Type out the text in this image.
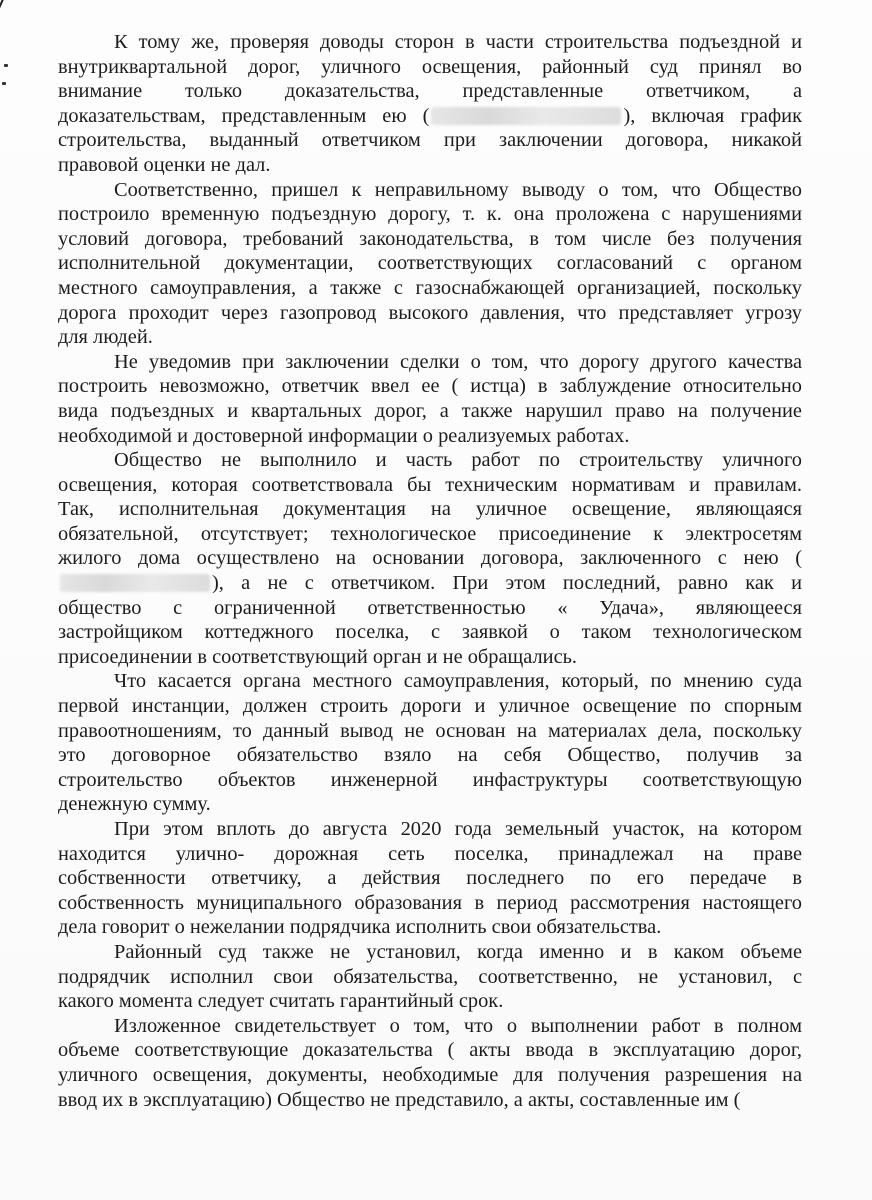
К тому же, проверяя доводы сторон в части строительства подъездной и
внутриквартальной дорог, уличного освещения, районный суд принял во
внимание только доказательства, представленные ответчиком, а
доказательствам, представленным ею (	), включая график
строительства, выданный ответчиком при заключении договора, никакой
правовой оценки не дал.
Соответственно, пришел к неправильному выводу о том, что Общество
построило временную подъездную дорогу, т. к. она проложена с нарушениями
условий договора, требований законодательства, в том числе без получения
исполнительной документации, соответствующих согласований с органом
местного самоуправления, а также с газоснабжающей организацией, поскольку
дорога проходит через газопровод высокого давления, что представляет угрозу
для людей.
Не уведомив при заключении сделки о том, что дорогу другого качества
построить невозможно, ответчик ввел ее ( истца) в заблуждение относительно
вида подъездных и квартальных дорог, а также нарушил право на получение
необходимой и достоверной информации о реализуемых работах.
Общество не выполнило и часть работ по строительству уличного
освещения, которая соответствовала бы техническим нормативам и правилам.
Так, исполнительная документация на уличное освещение, являющаяся
обязательной, отсутствует; технологическое присоединение к электросетям
жилого дома осуществлено на основании договора, заключенного с нею (
), а не с ответчиком. При этом последний, равно как и
общество с ограниченной ответственностью « Удача», являющееся
застройщиком коттеджного поселка, с заявкой о таком технологическом
присоединении в соответствующий орган и не обращались.
Что касается органа местного самоуправления, который, по мнению суда
первой инстанции, должен строить дороги и уличное освещение по спорным
правоотношениям, то данный вывод не основан на материалах дела, поскольку
это договорное обязательство взяло на себя Общество, получив за
строительство объектов инженерной инфаструктуры соответствующую
денежную сумму.
При этом вплоть до августа 2020 года земельный участок, на котором
находится улично- дорожная сеть поселка, принадлежал на праве
собственности ответчику, а действия последнего по его передаче в
собственность муниципального образования в период рассмотрения настоящего
дела говорит о нежелании подрядчика исполнить свои обязательства.
Районный суд также не установил, когда именно и в каком объеме
подрядчик исполнил свои обязательства, соответственно, не установил, с
какого момента следует считать гарантийный срок.
Изложенное свидетельствует о том, что о выполнении работ в полном
объеме соответствующие доказательства ( акты ввода в эксплуатацию дорог,
уличного освещения, документы, необходимые для получения разрешения на
ввод их в эксплуатацию) Общество не представило, а акты, составленные им (
